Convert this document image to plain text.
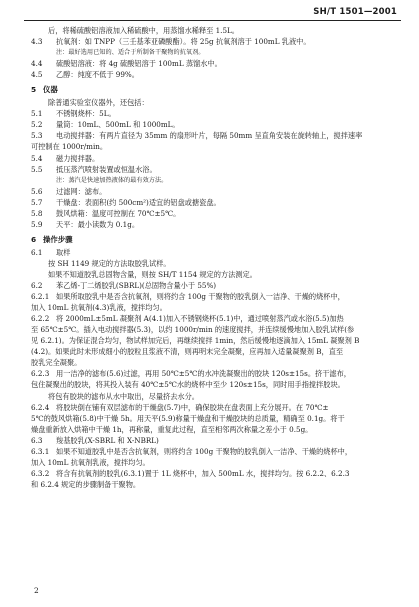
SH/T 1501—2001

后，将稀硫酸铝溶液加入稀硫酸中，用蒸馏水稀释至 1.5L。

4.3	抗氧剂：如 TNPP（三壬基苯亚磷酸酯）。将 25g 抗氧剂溶于 100mL 乳液中。

注：最好选用已知的、适合于所制备干聚物的抗氧剂。

4.4	硫酸铝溶液：将 4g 硫酸铝溶于 100mL 蒸馏水中。
4.5	乙醇：纯度不低于 99%。
5 仪器

除普通实验室仪器外，还包括：

5.1	不锈钢烧杯：5L。
5.2	量筒：10mL、500mL 和 1000mL。
5.3	电动搅拌器：有两片直径为 35mm 的扇形叶片，每隔 50mm 呈直角安装在旋转轴上，搅拌速率

可控制在 1000r/min。

5.4	磁力搅拌器。
5.5	抵压蒸汽喷射装置或恒温水浴。

注：蒸汽是快速加热液体的最有效方法。

5.6	过滤网：滤布。
5.7	干燥盘：表面积(约 500cm²)适宜的铝盘或搪瓷盘。
5.8	鼓风烘箱：温度可控制在 70℃±5℃。
5.9	天平：最小读数为 0.1g。
6 操作步骤
6.1	取样

按 SH 1149 规定的方法取胶乳试样。

如果不知道胶乳总固物含量，则按 SH/T 1154 规定的方法测定。

6.2	苯乙烯-丁二烯胶乳(SBRL)(总固物含量小于 55%)
6.2.1 如果所取胶乳中是否含抗氧剂，则将约含 100g 干聚物的胶乳倒入一洁净、干燥的烧杯中，

加入 10mL 抗氧剂(4.3)乳液，搅拌均匀。

6.2.2 将 2000mL±5mL 凝聚剂 A(4.1)加入不锈钢烧杯(5.1)中，通过喷射蒸汽或水浴(5.5)加热

至 65℃±5℃。插入电动搅拌器(5.3)，以约 1000r/min 的速度搅拌，并连续缓慢地加入胶乳试样(参

见 6.2.1)。为保证混合均匀，物试样加完后，再继续搅拌 1min，然后缓慢地逐滴加入 15mL 凝聚剂 B

(4.2)。如果此时未形成细小的胶粒且浆液不清，则再明末完全凝聚，应再加入适量凝聚剂 B，直至

胶乳完全凝聚。

6.2.3 用一洁净的滤布(5.6)过滤，再用 50℃±5℃的水冲洗凝聚出的胶块 120s±15s。挤干滤布，

包住凝聚出的胶块，将其投入装有 40℃±5℃水的烧杯中至少 120s±15s，同时用手指搅拌胶块。

将包有胶块的滤布从水中取出，尽量挤去水分。

6.2.4 将胶块倒在铺有双层滤布的干燥盘(5.7)中，确保胶块在盘表面上充分展开。在 70℃±

5℃的鼓风烘箱(5.8)中干燥 5h。用天平(5.9)称量干燥盘和干燥胶块的总质量，精确至 0.1g。将干

燥盘重新放入烘箱中干燥 1h，再称量，重复此过程，直至相邻两次称量之差小于 0.5g。

6.3	羧基胶乳(X-SBRL 和 X-NBRL)
6.3.1 如果不知道胶乳中是否含抗氧剂，则将约含 100g 干聚物的胶乳倒入一洁净、干燥的烧杯中，

加入 10mL 抗氧剂乳液，搅拌均匀。

6.3.2 将含有抗氧剂的胶乳(6.3.1)置于 1L 烧杯中，加入 500mL 水，搅拌均匀。按 6.2.2、6.2.3

和 6.2.4 规定的步骤制备干聚物。

2
